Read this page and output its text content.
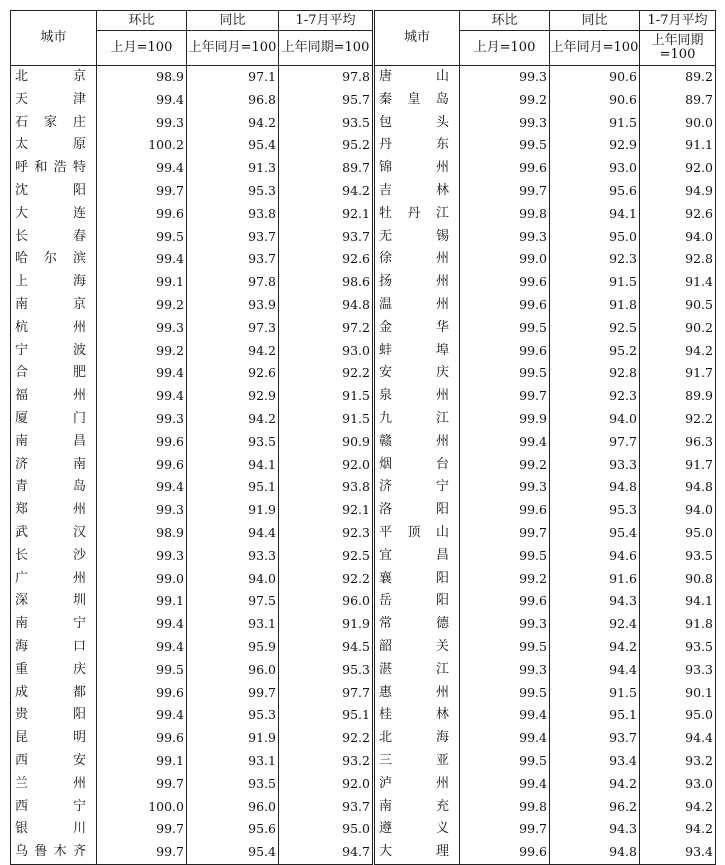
城市	环比	同比	1-7月平均	城市	环比	同比	1-7月平均
	上月=100	上年同月=100	上年同期=100		上月=100	上年同月=100	上年同期=100
北京	98.9	97.1	97.8	唐山	99.3	90.6	89.2
天津	99.4	96.8	95.7	秦皇岛	99.2	90.6	89.7
石家庄	99.3	94.2	93.5	包头	99.3	91.5	90.0
太原	100.2	95.4	95.2	丹东	99.5	92.9	91.1
呼和浩特	99.4	91.3	89.7	锦州	99.6	93.0	92.0
沈阳	99.7	95.3	94.2	吉林	99.7	95.6	94.9
大连	99.6	93.8	92.1	牡丹江	99.8	94.1	92.6
长春	99.5	93.7	93.7	无锡	99.3	95.0	94.0
哈尔滨	99.4	93.7	92.6	徐州	99.0	92.3	92.8
上海	99.1	97.8	98.6	扬州	99.6	91.5	91.4
南京	99.2	93.9	94.8	温州	99.6	91.8	90.5
杭州	99.3	97.3	97.2	金华	99.5	92.5	90.2
宁波	99.2	94.2	93.0	蚌埠	99.6	95.2	94.2
合肥	99.4	92.6	92.2	安庆	99.5	92.8	91.7
福州	99.4	92.9	91.5	泉州	99.7	92.3	89.9
厦门	99.3	94.2	91.5	九江	99.9	94.0	92.2
南昌	99.6	93.5	90.9	赣州	99.4	97.7	96.3
济南	99.6	94.1	92.0	烟台	99.2	93.3	91.7
青岛	99.4	95.1	93.8	济宁	99.3	94.8	94.8
郑州	99.3	91.9	92.1	洛阳	99.6	95.3	94.0
武汉	98.9	94.4	92.3	平顶山	99.7	95.4	95.0
长沙	99.3	93.3	92.5	宜昌	99.5	94.6	93.5
广州	99.0	94.0	92.2	襄阳	99.2	91.6	90.8
深圳	99.1	97.5	96.0	岳阳	99.6	94.3	94.1
南宁	99.4	93.1	91.9	常德	99.3	92.4	91.8
海口	99.4	95.9	94.5	韶关	99.5	94.2	93.5
重庆	99.5	96.0	95.3	湛江	99.3	94.4	93.3
成都	99.6	99.7	97.7	惠州	99.5	91.5	90.1
贵阳	99.4	95.3	95.1	桂林	99.4	95.1	95.0
昆明	99.6	91.9	92.2	北海	99.4	93.7	94.4
西安	99.1	93.1	93.2	三亚	99.5	93.4	93.2
兰州	99.7	93.5	92.0	泸州	99.4	94.2	93.0
西宁	100.0	96.0	93.7	南充	99.8	96.2	94.2
银川	99.7	95.6	95.0	遵义	99.7	94.3	94.2
乌鲁木齐	99.7	95.4	94.7	大理	99.6	94.8	93.4
